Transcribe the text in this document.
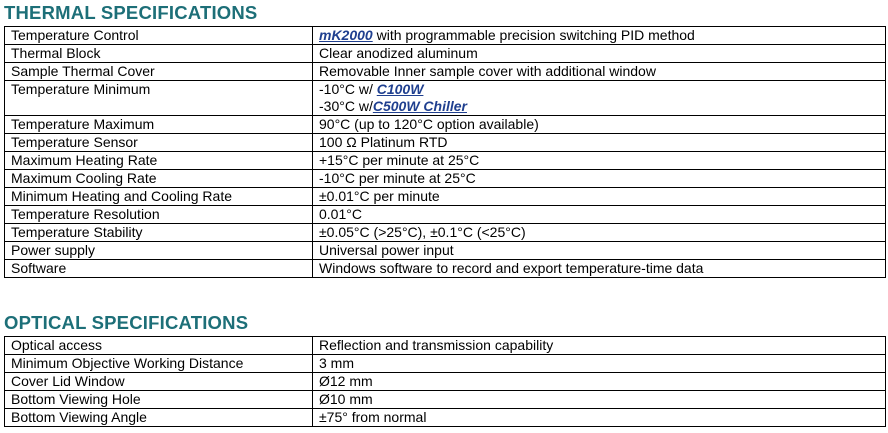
THERMAL SPECIFICATIONS
Temperature Control	mK2000 with programmable precision switching PID method
Thermal Block	Clear anodized aluminum
Sample Thermal Cover	Removable Inner sample cover with additional window
Temperature Minimum	-10°C w/ C100W
-30°C w/C500W Chiller

Temperature Maximum	90°C (up to 120°C option available)
Temperature Sensor	100 Ω Platinum RTD
Maximum Heating Rate	+15°C per minute at 25°C
Maximum Cooling Rate	-10°C per minute at 25°C
Minimum Heating and Cooling Rate	±0.01°C per minute
Temperature Resolution	0.01°C
Temperature Stability	±0.05°C (>25°C), ±0.1°C (<25°C)
Power supply	Universal power input
Software	Windows software to record and export temperature-time data
OPTICAL SPECIFICATIONS
Optical access	Reflection and transmission capability
Minimum Objective Working Distance	3 mm
Cover Lid Window	Ø12 mm
Bottom Viewing Hole	Ø10 mm
Bottom Viewing Angle	±75° from normal
